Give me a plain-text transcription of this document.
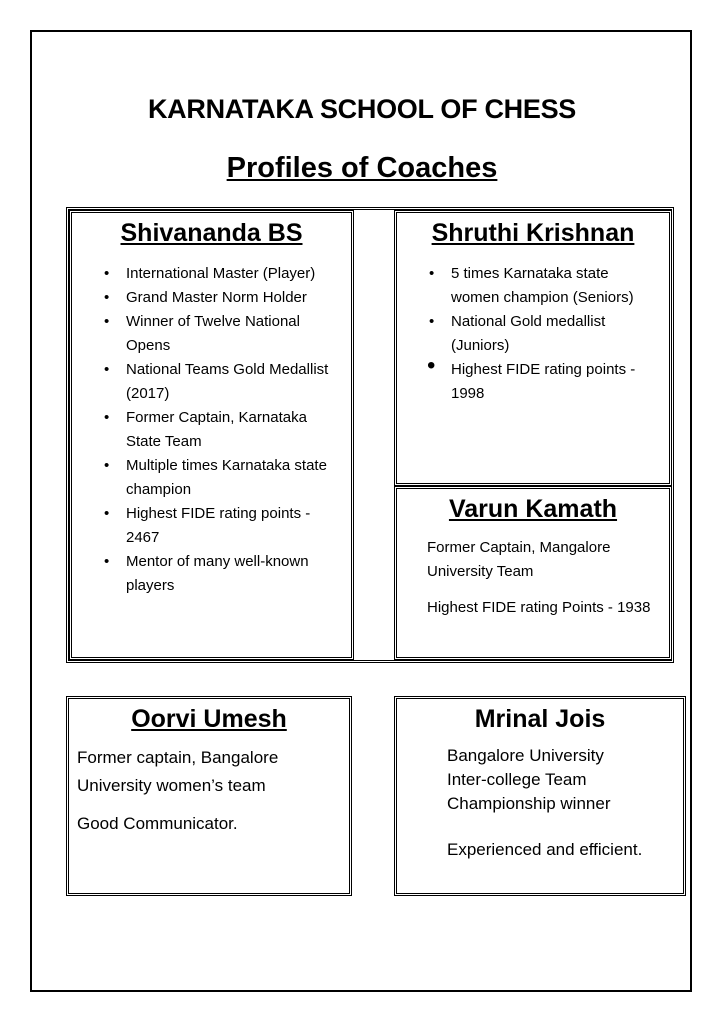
KARNATAKA SCHOOL OF CHESS
Profiles of Coaches
Shivananda BS
• International Master (Player)
• Grand Master Norm Holder
• Winner of Twelve National Opens
• National Teams Gold Medallist (2017)
• Former Captain, Karnataka State Team
• Multiple times Karnataka state champion
• Highest FIDE rating points - 2467
• Mentor of many well-known players
Shruthi Krishnan
• 5 times Karnataka state women champion (Seniors)
• National Gold medallist (Juniors)
• Highest FIDE rating points - 1998
Varun Kamath
Former Captain, Mangalore University Team
Highest FIDE rating Points - 1938
Oorvi Umesh
Former captain, Bangalore University women’s team
Good Communicator.
Mrinal Jois
Bangalore University
Inter-college Team
Championship winner
Experienced and efficient.
